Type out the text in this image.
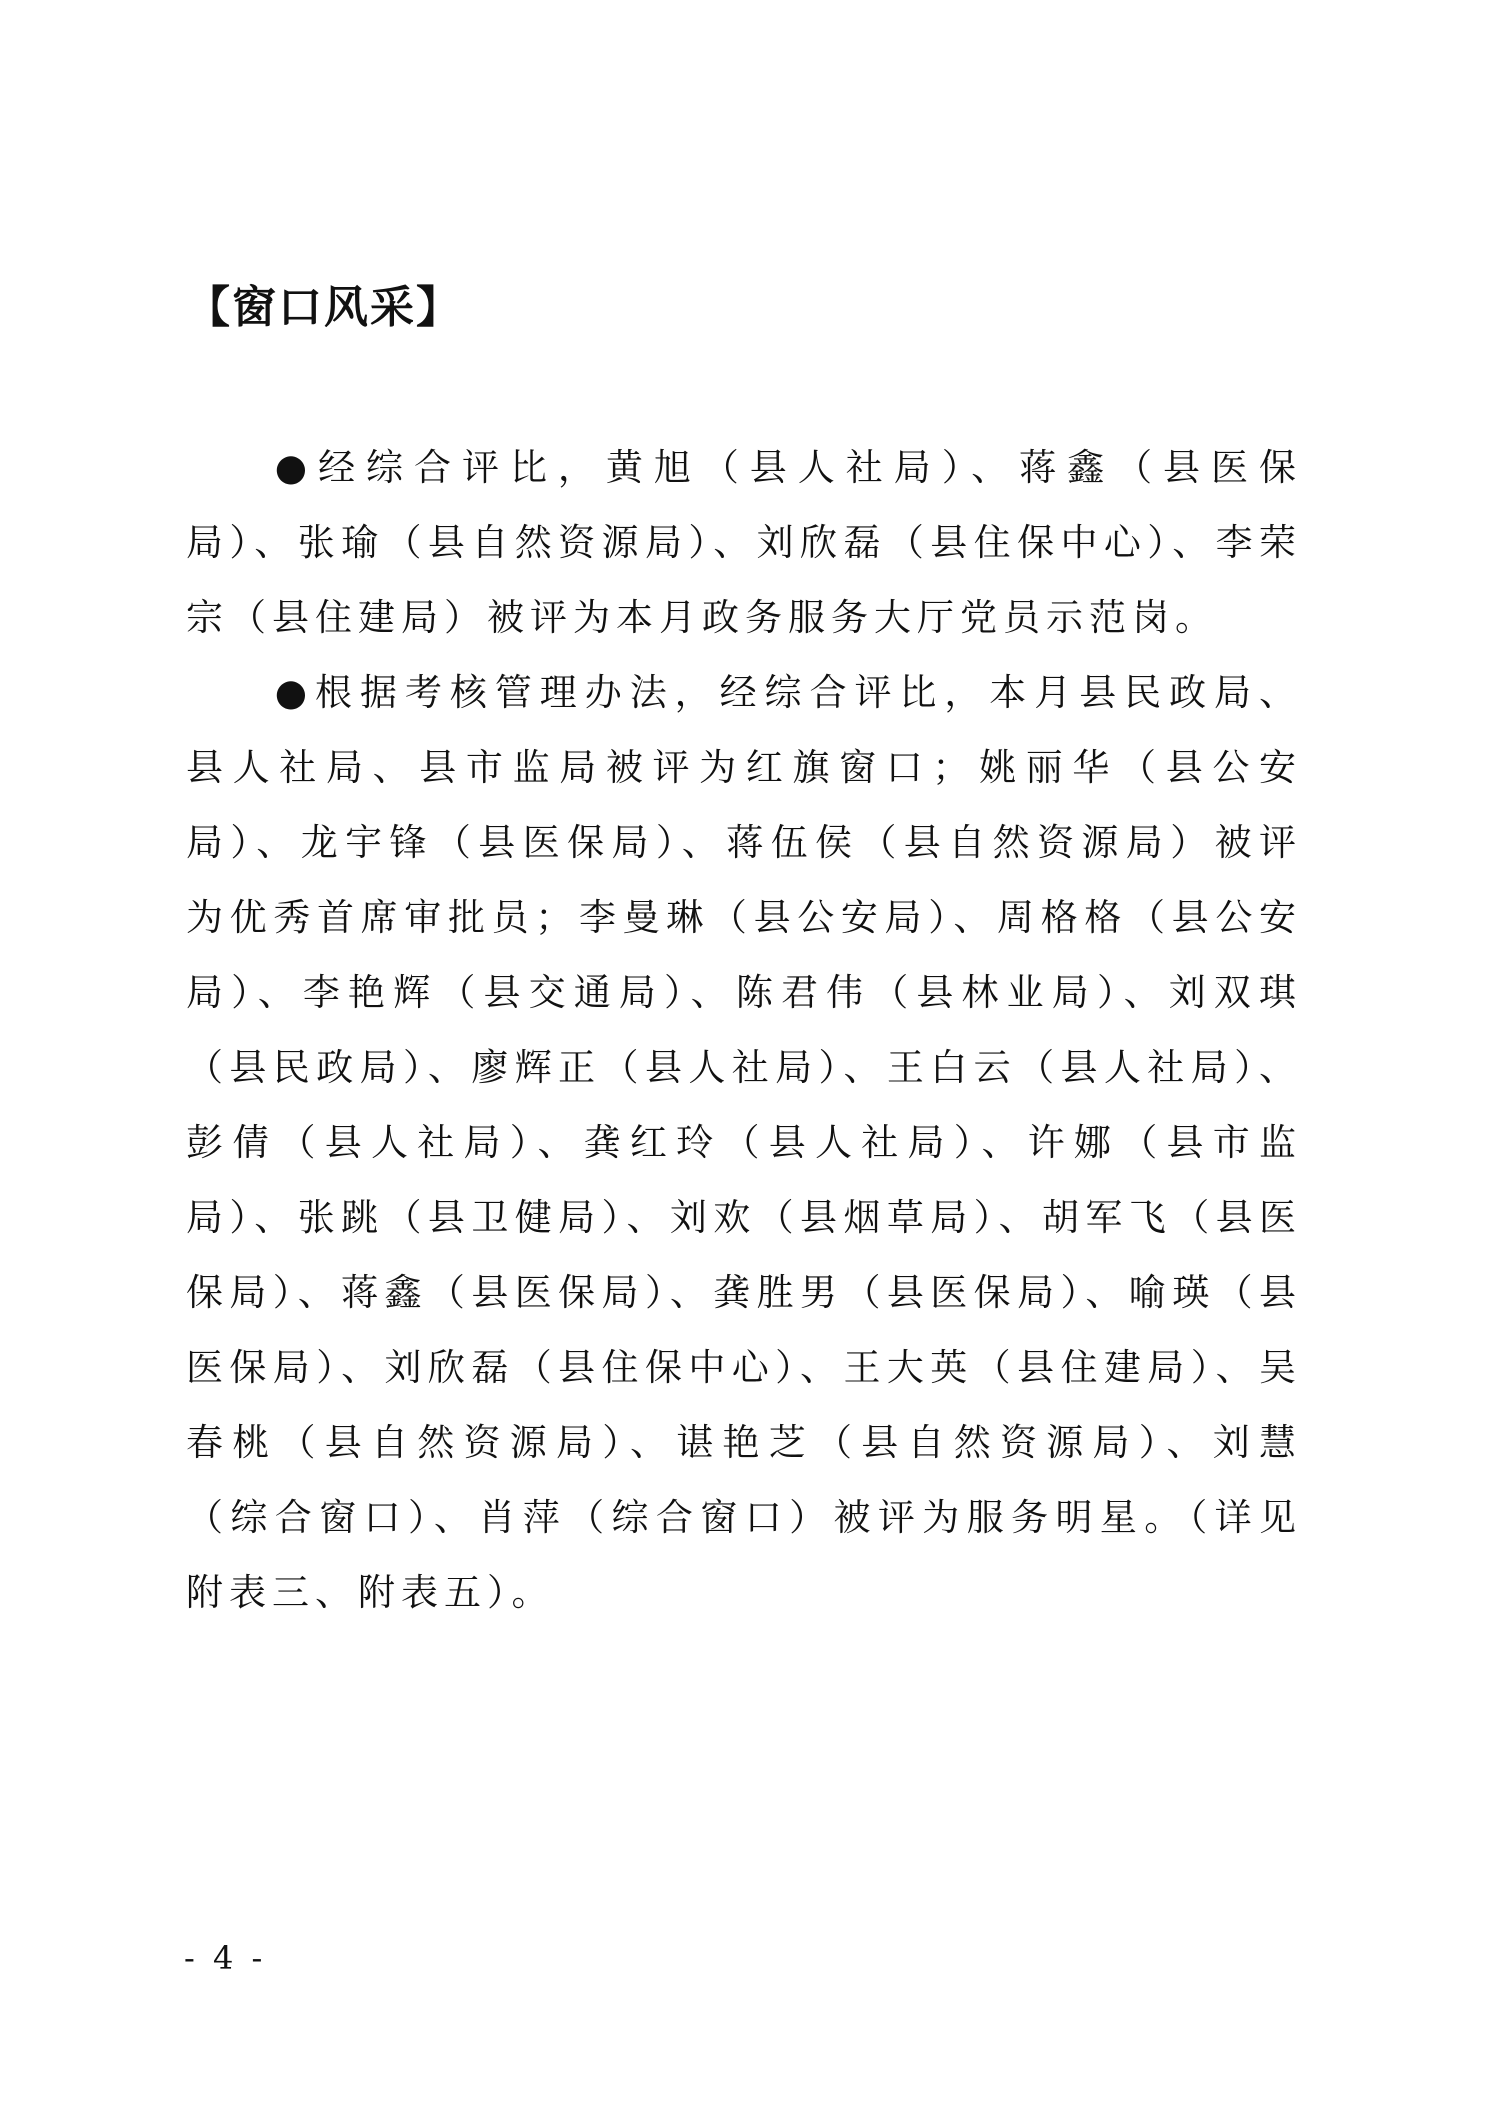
【窗口风采】

●经综合评比，黄旭（县人社局）、蒋鑫（县医保局）、张瑜（县自然资源局）、刘欣磊（县住保中心）、李荣宗（县住建局）被评为本月政务服务大厅党员示范岗。

●根据考核管理办法，经综合评比，本月县民政局、县人社局、县市监局被评为红旗窗口；姚丽华（县公安局）、龙宇锋（县医保局）、蒋伍侯（县自然资源局）被评为优秀首席审批员；李曼琳（县公安局）、周格格（县公安局）、李艳辉（县交通局）、陈君伟（县林业局）、刘双琪（县民政局）、廖辉正（县人社局）、王白云（县人社局）、彭倩（县人社局）、龚红玲（县人社局）、许娜（县市监局）、张跳（县卫健局）、刘欢（县烟草局）、胡军飞（县医保局）、蒋鑫（县医保局）、龚胜男（县医保局）、喻瑛（县医保局）、刘欣磊（县住保中心）、王大英（县住建局）、吴春桃（县自然资源局）、谌艳芝（县自然资源局）、刘慧（综合窗口）、肖萍（综合窗口）被评为服务明星。（详见附表三、附表五）。

- 4 -
